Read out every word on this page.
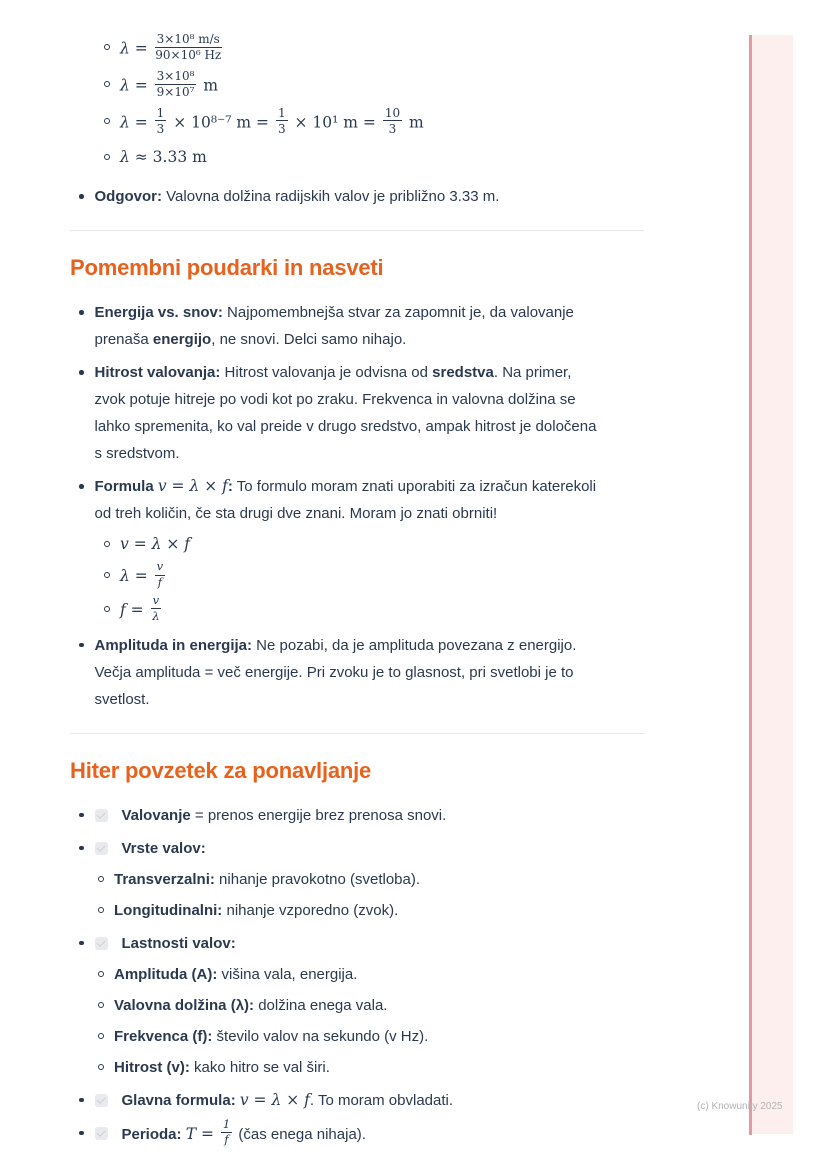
(c) Knowunity 2025
$\lambda = \frac{\text{3×10⁸ m/s}}{\text{90×10⁶ Hz}}$
$\lambda = \frac{\text{3×10⁸}}{\text{9×10⁷}}$ m
$\lambda = \frac{1}{3} \times 10^{8-7}$ $m = \frac{1}{3} \times 10^1$ $m = \frac{10}{3}$ m
λ ≈ 3.33 m
Odgovor: Valovna dolžina radijskih valov je približno 3.33 m.
Pomembni poudarki in nasveti
Energija vs. snov: Najpomembnejša stvar za zapomnit je, da valovanje prenaša energijo, ne snovi. Delci samo nihajo.
Hitrost valovanja: Hitrost valovanja je odvisna od sredstva. Na primer, zvok potuje hitreje po vodi kot po zraku. Frekvenca in valovna dolžina se lahko spremenita, ko val preide v drugo sredstvo, ampak hitrost je določena s sredstvom.
Formula v = λ × f: To formulo moram znati uporabiti za izračun katerekoli od treh količin, če sta drugi dve znani. Moram jo znati obrniti!
v = λ × f
$\lambda = \frac{v}{f}$
$f = \frac{v}{\lambda}$
Amplituda in energija: Ne pozabi, da je amplituda povezana z energijo. Večja amplituda = več energije. Pri zvoku je to glasnost, pri svetlobi je to svetlost.
Hiter povzetek za ponavljanje
Valovanje = prenos energije brez prenosa snovi.
Vrste valov:
Transverzalni: nihanje pravokotno (svetloba).
Longitudinalni: nihanje vzporedno (zvok).
Lastnosti valov:
Amplituda (A): višina vala, energija.
Valovna dolžina (λ): dolžina enega vala.
Frekvenca (f): število valov na sekundo (v Hz).
Hitrost (v): kako hitro se val širi.
Glavna formula: v = λ × f. To moram obvladati.
Perioda: $T = \frac{1}{f}$ (čas enega nihaja).
